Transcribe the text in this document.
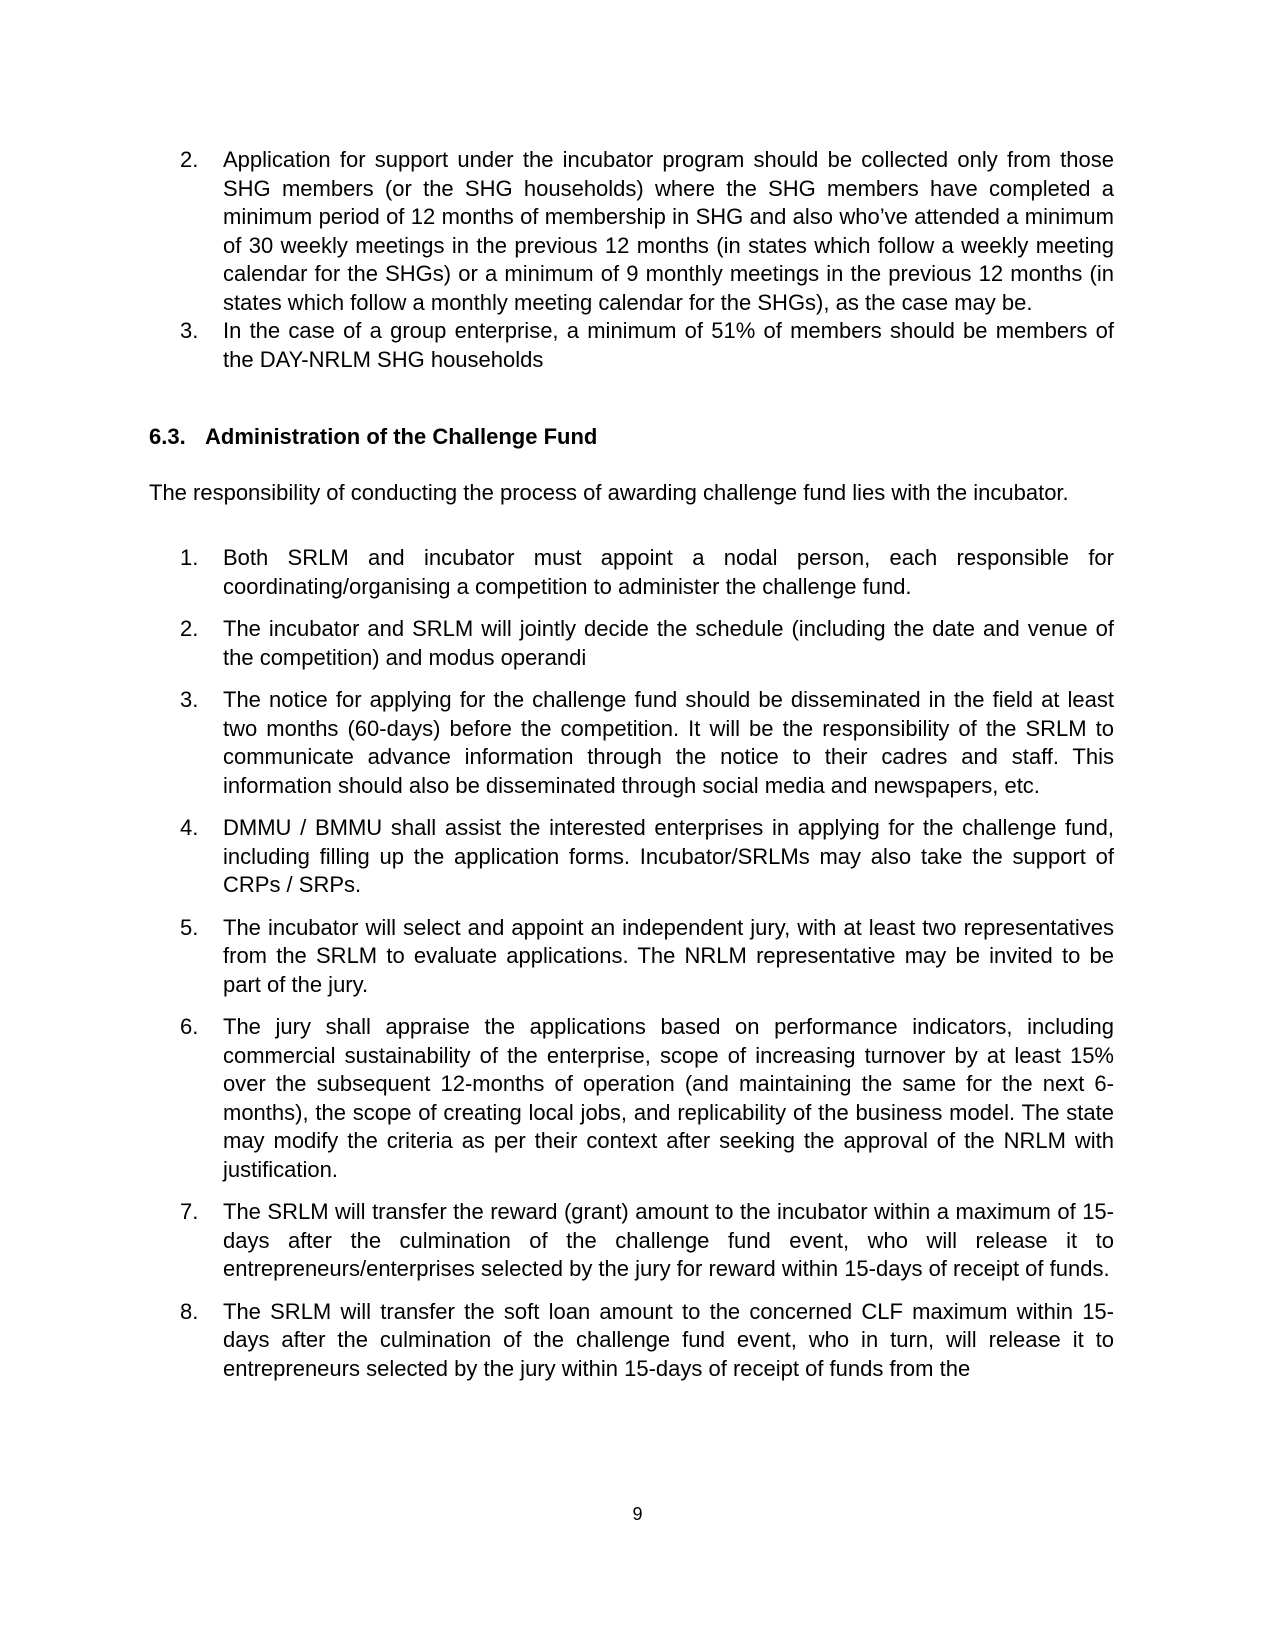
2.	Application for support under the incubator program should be collected only from those SHG members (or the SHG households) where the SHG members have completed a minimum period of 12 months of membership in SHG and also who’ve attended a minimum of 30 weekly meetings in the previous 12 months (in states which follow a weekly meeting calendar for the SHGs) or a minimum of 9 monthly meetings in the previous 12 months (in states which follow a monthly meeting calendar for the SHGs), as the case may be.
3.	In the case of a group enterprise, a minimum of 51% of members should be members of the DAY-NRLM SHG households
6.3. Administration of the Challenge Fund

The responsibility of conducting the process of awarding challenge fund lies with the incubator.

1.	Both SRLM and incubator must appoint a nodal person, each responsible for coordinating/organising a competition to administer the challenge fund.
2.	The incubator and SRLM will jointly decide the schedule (including the date and venue of the competition) and modus operandi
3.	The notice for applying for the challenge fund should be disseminated in the field at least two months (60-days) before the competition. It will be the responsibility of the SRLM to communicate advance information through the notice to their cadres and staff. This information should also be disseminated through social media and newspapers, etc.
4.	DMMU / BMMU shall assist the interested enterprises in applying for the challenge fund, including filling up the application forms. Incubator/SRLMs may also take the support of CRPs / SRPs.
5.	The incubator will select and appoint an independent jury, with at least two representatives from the SRLM to evaluate applications. The NRLM representative may be invited to be part of the jury.
6.	The jury shall appraise the applications based on performance indicators, including commercial sustainability of the enterprise, scope of increasing turnover by at least 15% over the subsequent 12-months of operation (and maintaining the same for the next 6-months), the scope of creating local jobs, and replicability of the business model. The state may modify the criteria as per their context after seeking the approval of the NRLM with justification.
7.	The SRLM will transfer the reward (grant) amount to the incubator within a maximum of 15-days after the culmination of the challenge fund event, who will release it to entrepreneurs/enterprises selected by the jury for reward within 15-days of receipt of funds.
8.	The SRLM will transfer the soft loan amount to the concerned CLF maximum within 15-days after the culmination of the challenge fund event, who in turn, will release it to entrepreneurs selected by the jury within 15-days of receipt of funds from the
9
